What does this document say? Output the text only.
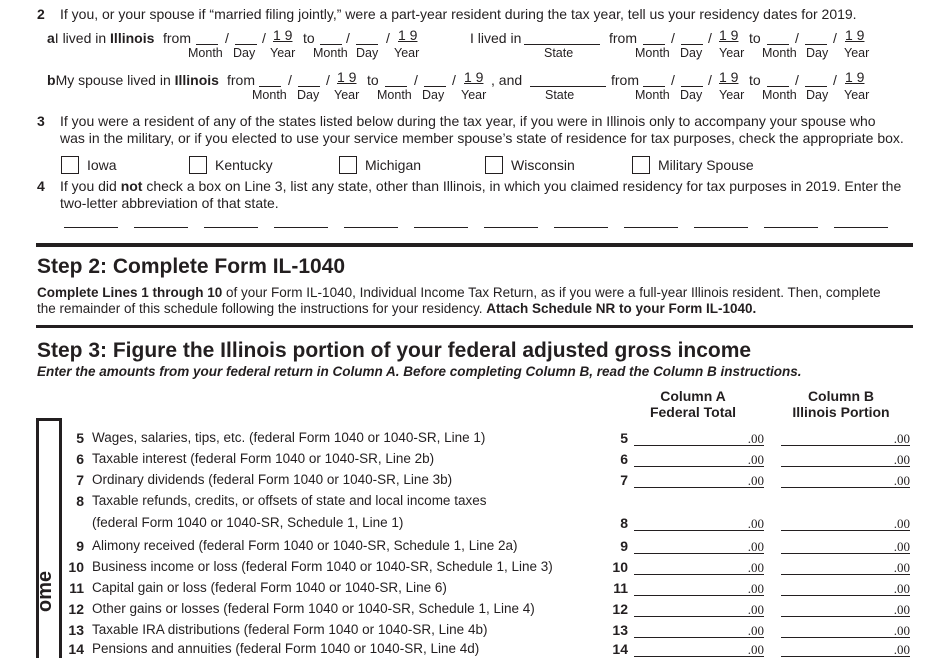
2 If you, or your spouse if “married filing jointly,” were a part-year resident during the tax year, tell us your residency dates for 2019.
aI lived in Illinois from / / 1 9 to /	/ 1 9
Month Day Year Month Day Year
I lived in
State
from / / 1 9 to / / 1 9
Month Day Year Month Day Year
bMy spouse lived in Illinois from / / 1 9 to	/ / 1 9 , and	from / / 1 9 to / / 1 9
Month Day Year Month Day Year	State	Month Day Year Month Day Year
3 If you were a resident of any of the states listed below during the tax year, if you were in Illinois only to accompany your spouse who
was in the military, or if you elected to use your service member spouse’s state of residence for tax purposes, check the appropriate box.
Iowa	Kentucky	Michigan	Wisconsin	Military Spouse
4 If you did not check a box on Line 3, list any state, other than Illinois, in which you claimed residency for tax purposes in 2019. Enter the
two-letter abbreviation of that state.
Step 2: Complete Form IL-1040
Complete Lines 1 through 10 of your Form IL-1040, Individual Income Tax Return, as if you were a full-year Illinois resident. Then, complete
the remainder of this schedule following the instructions for your residency. Attach Schedule NR to your Form IL-1040.
Step 3: Figure the Illinois portion of your federal adjusted gross income
Enter the amounts from your federal return in Column A. Before completing Column B, read the Column B instructions.
Column A
Federal Total
Column B
Illinois Portion
ome
5 Wages, salaries, tips, etc. (federal Form 1040 or 1040-SR, Line 1)	5	.00	.00
6 Taxable interest (federal Form 1040 or 1040-SR, Line 2b)	6	.00	.00
7 Ordinary dividends (federal Form 1040 or 1040-SR, Line 3b)	7	.00	.00
8 Taxable refunds, credits, or offsets of state and local income taxes
(federal Form 1040 or 1040-SR, Schedule 1, Line 1)	8	.00	.00
9 Alimony received (federal Form 1040 or 1040-SR, Schedule 1, Line 2a)	9	.00	.00
10 Business income or loss (federal Form 1040 or 1040-SR, Schedule 1, Line 3)	10	.00	.00
11 Capital gain or loss (federal Form 1040 or 1040-SR, Line 6)	11	.00	.00
12 Other gains or losses (federal Form 1040 or 1040-SR, Schedule 1, Line 4)	12	.00	.00
13 Taxable IRA distributions (federal Form 1040 or 1040-SR, Line 4b)	13	.00	.00
14 Pensions and annuities (federal Form 1040 or 1040-SR, Line 4d)	14	.00	.00
